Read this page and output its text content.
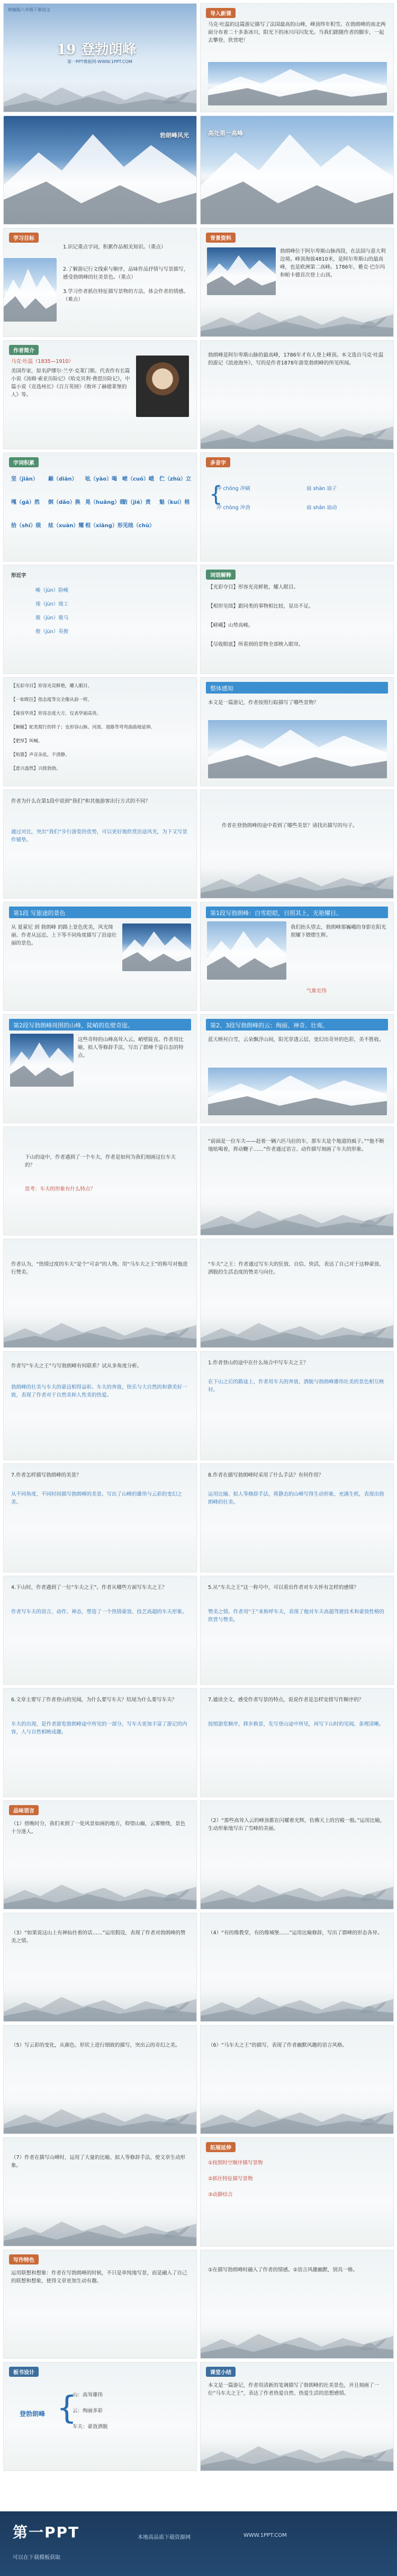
统编版八年级下册语文
19 登勃朗峰
第一PPT模板网-WWW.1PPT.COM
导入新课
马克·吐温的这篇游记描写了法国最高的山峰，峰顶终年积雪。在勃朗峰的南北两面分布着二十多条冰川，阳光下的冰川闪闪发光。当我们跟随作者的脚步，一起去攀登、欣赏吧！
勃朗峰风光	高处第一高峰
学习目标
1.识记重点字词，积累作品相关知识。（重点）
2.了解游记行文线索与顺序，品味作品抒情与写景描写，感受勃朗峰的壮美景色。（重点）
3.学习作者抓住特征描写景物的方法，体会作者的情感。（难点）
背景资料
勃朗峰位于阿尔卑斯山脉西段，在法国与意大利边境。峰顶海拔4810米，是阿尔卑斯山的最高峰，也是欧洲第二高峰。1786年，雅克·巴尔玛和帕卡德首次登上山顶。
作者简介
马克·吐温（1835—1910）
美国作家，原名萨缪尔·兰亨·克莱门斯。代表作有长篇小说《汤姆·索亚历险记》《哈克贝利·费恩历险记》，中篇小说《竞选州长》《百万英镑》《败坏了赫德莱堡的人》等。
勃朗峰是阿尔卑斯山脉的最高峰，1786年才有人登上峰顶。本文选自马克·吐温的游记《浪迹海外》，写的是作者1878年游览勃朗峰的所见所闻。
字词积累
坚（jiān） 巅（diān） 吆（yāo）喝 嵯（cuó）峨 伫（zhù）立
嘎（gā）然 倒（dǎo）换 晃（huǎng）眼
诘（jié）责 魁（kuí）梧
拾（shí）级 炫（xuàn）耀 相（xiāng）形见绌（chù）
多音字
冲 chōng 冲刷
冲 chòng 冲劲
扇 shàn 扇子
扇 shān 扇动
{
形近字
峻（jùn）险峻
竣（jùn）竣工
骏（jùn）骏马
俊（jùn）英俊
词语解释
【光彩夺目】形容光亮鲜艳，耀人眼目。
【相形见绌】跟同类的事物相比较，显出不足。
【嵯峨】山势高峻。
【尽收眼底】所看到的景物全部映入眼帘。
【光彩夺目】形容光亮鲜艳，耀人眼目。
【一如既往】指态度等完全像从前一样。
【雍容华贵】形容态度大方，仪表华丽高贵。
【蜿蜒】蛇类爬行的样子；也形容山脉、河流、道路等弯弯曲曲地延伸。
【肥厚】叫喊。
【喧嚣】声音杂乱，不清静。
【意兴盎然】兴致勃勃。
整体感知
本文是一篇游记，作者按照行踪描写了哪些景物？
作者为什么在第1段中说到“我们”和其他游客出行方式的不同？
通过对比，突出“我们”步行游览的优势，可以更好地欣赏沿途风光，为下文写景作铺垫。
作者在登勃朗峰的途中看到了哪些美景？请找出描写的句子。
第1段 写旅途的景色
从 夏蒙尼 到 勃朗峰 的路上景色优美，风光绮丽。作者从远近、上下等不同角度描写了沿途壮丽的景色。
第1段写勃朗峰：白雪皑皑，日照其上，光艳耀目。
我们抬头望去，勃朗峰那巍峨的身影在阳光照耀下熠熠生辉。
气象宏伟
第2段写勃朗峰周围的山峰，陡峭的危壁奇崖。
这些奇特的山峰高耸入云，峭壁陡直。作者用比喻、拟人等修辞手法，写出了群峰千姿百态的特点。
第2、3段写勃朗峰的云：绚丽、神奇、壮观。
蓝天映衬白雪，云朵飘浮山间，阳光穿透云层，变幻出奇异的色彩，美不胜收。
下山的途中，作者遇到了一个车夫，作者是如何为我们刻画这位车夫的？
思考：车夫的形象有什么特点？
“前面是一位车夫——赶着一辆六匹马拉的车，那车夫是个地道的疯子。”“他不断地吆喝着，挥动鞭子……”作者通过语言、动作描写刻画了车夫的形象。
作者认为，“热情过度的车夫”是个“可亲”的人物。用“马车夫之王”的称号对他进行赞美。
“车夫”之王：作者通过写车夫的狂放、自信、快活，表达了自己对于这种豪放、洒脱的生活态度的赞美与向往。
作者写“车夫之王”与写勃朗峰有何联系？试从多角度分析。
勃朗峰的壮美与车夫的豪迈相得益彰。车夫的奔放、快乐与大自然的和谐美好一致，表现了作者对于自然美和人性美的热爱。
1.作者登山的途中在什么场合中写车夫之王？
在下山之后的路途上，作者用车夫的奔放、洒脱与勃朗峰雄伟壮美的景色相互映衬。
7.作者怎样描写勃朗峰的美景？
从不同角度、不同时间描写勃朗峰的美景。写出了山峰的雄伟与云彩的变幻之美。
8.作者在描写勃朗峰时采用了什么手法？有何作用？
运用比喻、拟人等修辞手法，将静态的山峰写得生动形象，充满生机，表现出勃朗峰的壮美。
4.下山时，作者遇到了一位“车夫之王”。作者从哪些方面写车夫之王？
作者写车夫的语言、动作、神态，塑造了一个热情豪放、技艺高超的车夫形象。
5.从“车夫之王”这一称号中，可以看出作者对车夫怀有怎样的感情？
赞美之情。作者用“王”来称呼车夫，表现了他对车夫高超驾驶技术和豪放性格的欣赏与赞美。
6.文章主要写了作者登山的见闻，为什么要写车夫？结尾为什么要写车夫？
车夫的出现，是作者游览勃朗峰途中所见的一部分。写车夫更加丰富了游记的内容，人与自然相映成趣。
7.通读全文，感受作者写景的特点，说说作者是怎样安排写作顺序的？
按照游览顺序，移步换景，先写登山途中所见，再写下山时的见闻，条理清晰。
品味语言
（1）傍晚时分，我们来到了一处风景如画的地方，仰望山巅，云雾缭绕，景色十分迷人。
（2）“那些高耸入云的峰顶都在闪耀着光辉，仿佛天上的宫殿一般。”运用比喻，生动形象地写出了雪峰的美丽。
（3）“如果说这山上有神仙住着的话……”运用假设，表现了作者对勃朗峰的赞美之情。
（4）“有的像教堂，有的像城堡……”运用比喻修辞，写出了群峰的形态各异。
（5）写云彩的变化，从颜色、形状上进行细致的描写，突出云的奇幻之美。	（6）“马车夫之王”的描写，表现了作者幽默风趣的语言风格。
（7）作者在描写山峰时，运用了大量的比喻、拟人等修辞手法，使文章生动形象。
拓展延伸
①按照时空顺序描写景物
②抓住特征描写景物
③动静结合
写作特色
运用联想和想象：作者在写勃朗峰的时候，不只是单纯地写景，而是融入了自己的联想和想象，使得文章更加生动有趣。
①在描写勃朗峰时融入了作者的情感。②语言风趣幽默，别具一格。
板书设计
登勃朗峰 {
山：高耸雄伟
云：绚丽多彩
车夫：豪放洒脱
课堂小结
本文是一篇游记，作者用清新的笔调描写了勃朗峰的壮美景色，并且刻画了一位“马车夫之王”，表达了作者热爱自然、热爱生活的思想感情。
第一PPT
可以在下载模板获取
本地高品质下载资源网	WWW.1PPT.COM
